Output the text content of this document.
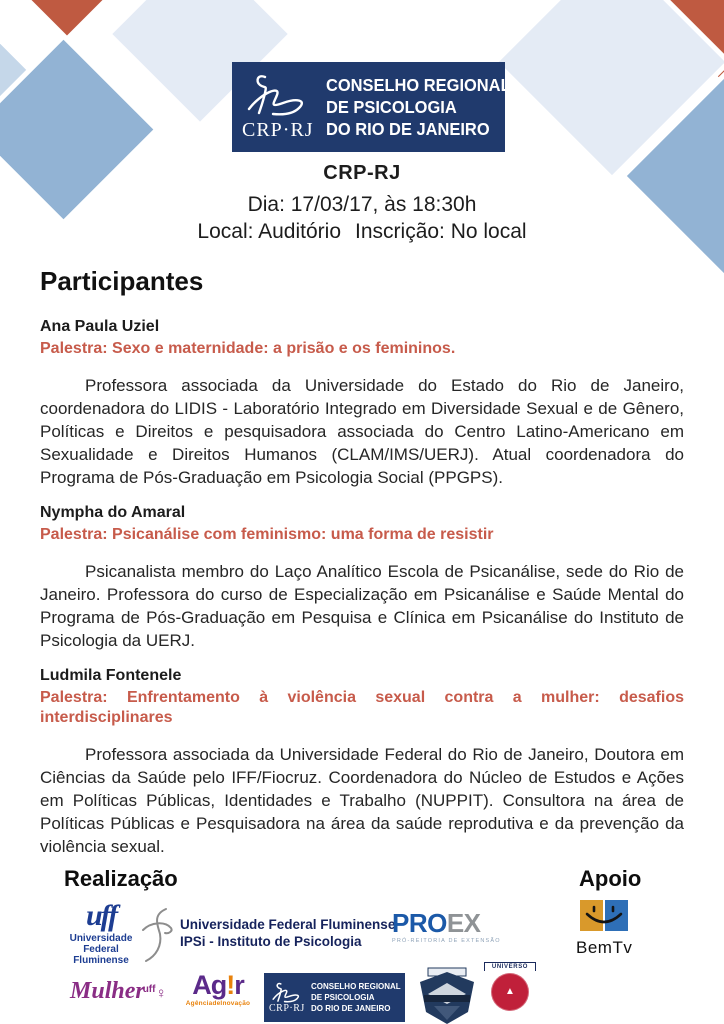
CRP·RJ
CONSELHO REGIONAL
DE PSICOLOGIA
DO RIO DE JANEIRO
CRP-RJ
Dia: 17/03/17, às 18:30h
Local: Auditório Inscrição: No local
Participantes
Ana Paula Uziel
Palestra: Sexo e maternidade: a prisão e os femininos.
Professora associada da Universidade do Estado do Rio de Janeiro, coordenadora do LIDIS - Laboratório Integrado em Diversidade Sexual e de Gênero, Políticas e Direitos e pesquisadora associada do Centro Latino-Americano em Sexualidade e Direitos Humanos (CLAM/IMS/UERJ). Atual coordenadora do Programa de Pós-Graduação em Psicologia Social (PPGPS).
Nympha do Amaral
Palestra: Psicanálise com feminismo: uma forma de resistir
Psicanalista membro do Laço Analítico Escola de Psicanálise, sede do Rio de Janeiro. Professora do curso de Especialização em Psicanálise e Saúde Mental do Programa de Pós-Graduação em Pesquisa e Clínica em Psicanálise do Instituto de Psicologia da UERJ.
Ludmila Fontenele
Palestra: Enfrentamento à violência sexual contra a mulher: desafios interdisciplinares
Professora associada da Universidade Federal do Rio de Janeiro, Doutora em Ciências da Saúde pelo IFF/Fiocruz. Coordenadora do Núcleo de Estudos e Ações em Políticas Públicas, Identidades e Trabalho (NUPPIT). Consultora na área de Políticas Públicas e Pesquisadora na área da saúde reprodutiva e da prevenção da violência sexual.
Realização	Apoio
uff
Universidade
Federal
Fluminense
Universidade Federal Fluminense
IPSi - Instituto de Psicologia
PROEX
PRÓ-REITORIA DE EXTENSÃO	BemTv
Mulher$^{uff}$♀ Ag!r
AgênciadeInovação CRP·RJ
CONSELHO REGIONAL
DE PSICOLOGIA
DO RIO DE JANEIRO
UNIVERSO
▲
